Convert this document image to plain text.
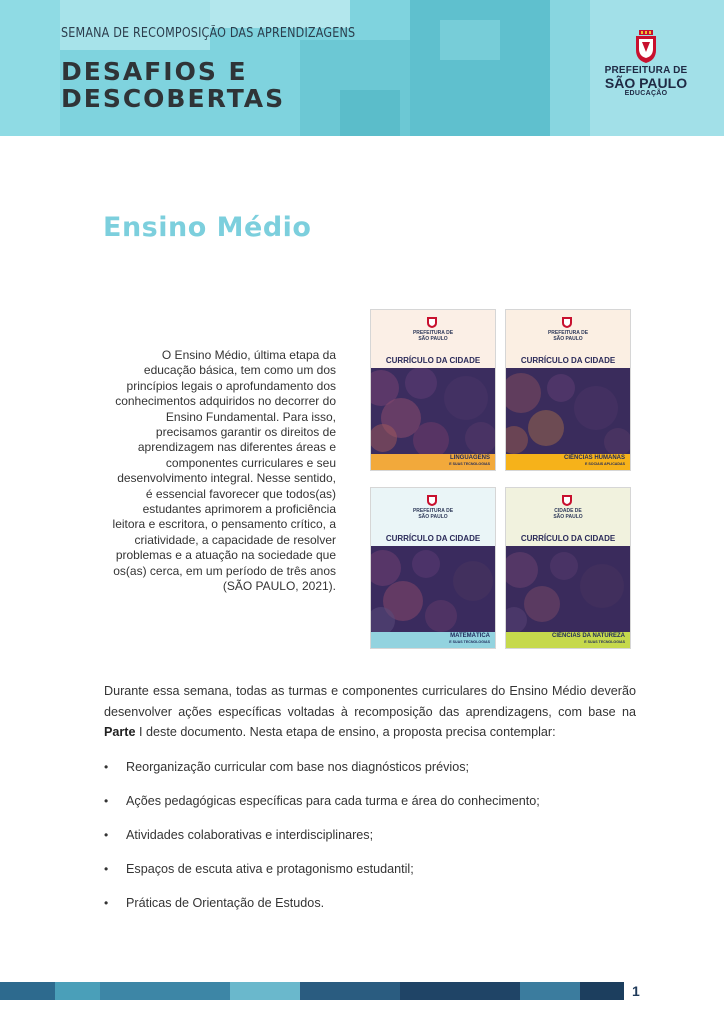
SEMANA DE RECOMPOSIÇÃO DAS APRENDIZAGENS
DESAFIOS E
DESCOBERTAS
PREFEITURA DE
SÃO PAULO
EDUCAÇÃO
Ensino Médio

O Ensino Médio, última etapa da educação básica, tem como um dos princípios legais o aprofundamento dos conhecimentos adquiridos no decorrer do Ensino Fundamental. Para isso, precisamos garantir os direitos de aprendizagem nas diferentes áreas e componentes curriculares e seu desenvolvimento integral. Nesse sentido, é essencial favorecer que todos(as) estudantes aprimorem a proficiência leitora e escritora, o pensamento crítico, a criatividade, a capacidade de resolver problemas e a atuação na sociedade que os(as) cerca, em um período de três anos (SÃO PAULO, 2021).

PREFEITURA DE
SÃO PAULO
CURRÍCULO DA CIDADE
LINGUAGENS
E SUAS TECNOLOGIAS
PREFEITURA DE
SÃO PAULO
CURRÍCULO DA CIDADE
CIÊNCIAS HUMANAS
E SOCIAIS APLICADAS
PREFEITURA DE
SÃO PAULO
CURRÍCULO DA CIDADE
MATEMÁTICA
E SUAS TECNOLOGIAS
CIDADE DE
SÃO PAULO
CURRÍCULO DA CIDADE
CIÊNCIAS DA NATUREZA
E SUAS TECNOLOGIAS

Durante essa semana, todas as turmas e componentes curriculares do Ensino Médio deverão desenvolver ações específicas voltadas à recomposição das aprendizagens, com base na Parte I deste documento. Nesta etapa de ensino, a proposta precisa contemplar:

• Reorganização curricular com base nos diagnósticos prévios;
• Ações pedagógicas específicas para cada turma e área do conhecimento;
• Atividades colaborativas e interdisciplinares;
• Espaços de escuta ativa e protagonismo estudantil;
• Práticas de Orientação de Estudos.
1
